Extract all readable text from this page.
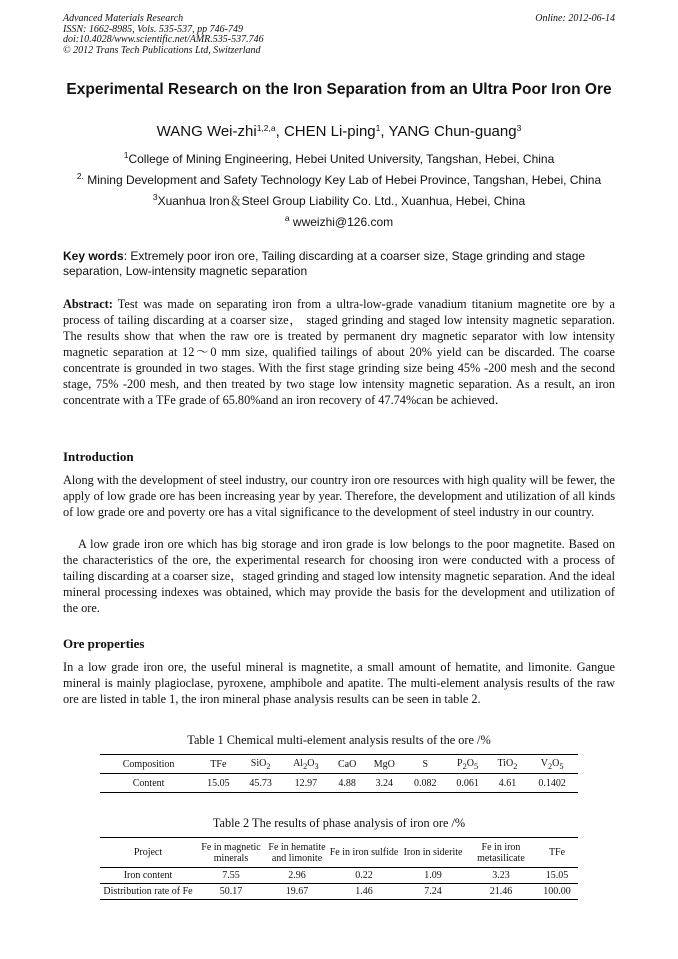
Advanced Materials Research
ISSN: 1662-8985, Vols. 535-537, pp 746-749
doi:10.4028/www.scientific.net/AMR.535-537.746
© 2012 Trans Tech Publications Ltd, Switzerland
Online: 2012-06-14
Experimental Research on the Iron Separation from an Ultra Poor Iron Ore
WANG Wei-zhi$^{1,2,a}$, CHEN Li-ping$^1$, YANG Chun-guang$^3$
$^1$College of Mining Engineering, Hebei United University, Tangshan, Hebei, China
$^{2.}$ Mining Development and Safety Technology Key Lab of Hebei Province, Tangshan, Hebei, China
$^3$Xuanhua Iron＆Steel Group Liability Co. Ltd., Xuanhua, Hebei, China
$^a$ wweizhi@126.com
Key words: Extremely poor iron ore, Tailing discarding at a coarser size, Stage grinding and stage separation, Low-intensity magnetic separation
Abstract: Test was made on separating iron from a ultra-low-grade vanadium titanium magnetite ore by a process of tailing discarding at a coarser size， staged grinding and staged low intensity magnetic separation. The results show that when the raw ore is treated by permanent dry magnetic separator with low intensity magnetic separation at 12～0 mm size, qualified tailings of about 20% yield can be discarded. The coarse concentrate is grounded in two stages. With the first stage grinding size being 45% -200 mesh and the second stage, 75% -200 mesh, and then treated by two stage low intensity magnetic separation. As a result, an iron concentrate with a TFe grade of 65.80%and an iron recovery of 47.74%can be achieved．
Introduction
Along with the development of steel industry, our country iron ore resources with high quality will be fewer, the apply of low grade ore has been increasing year by year. Therefore, the development and utilization of all kinds of low grade ore and poverty ore has a vital significance to the development of steel industry in our country.
A low grade iron ore which has big storage and iron grade is low belongs to the poor magnetite. Based on the characteristics of the ore, the experimental research for choosing iron were conducted with a process of tailing discarding at a coarser size，staged grinding and staged low intensity magnetic separation. And the ideal mineral processing indexes was obtained, which may provide the basis for the development and utilization of the ore.
Ore properties
In a low grade iron ore, the useful mineral is magnetite, a small amount of hematite, and limonite. Gangue mineral is mainly plagioclase, pyroxene, amphibole and apatite. The multi-element analysis results of the raw ore are listed in table 1, the iron mineral phase analysis results can be seen in table 2.
Table 1 Chemical multi-element analysis results of the ore /%
Composition	TFe	SiO$_2$	$Al_2O_3$	CaO	MgO	S	$P_2O_5$	TiO$_2$	$V_2O_5$
Content	15.05	45.73	12.97	4.88	3.24	0.082	0.061	4.61	0.1402
Table 2 The results of phase analysis of iron ore /%
Project	Fe in magnetic minerals	Fe in hematite and limonite	Fe in iron sulfide	Iron in siderite	Fe in iron metasilicate	TFe
Iron content	7.55	2.96	0.22	1.09	3.23	15.05
Distribution rate of Fe	50.17	19.67	1.46	7.24	21.46	100.00
